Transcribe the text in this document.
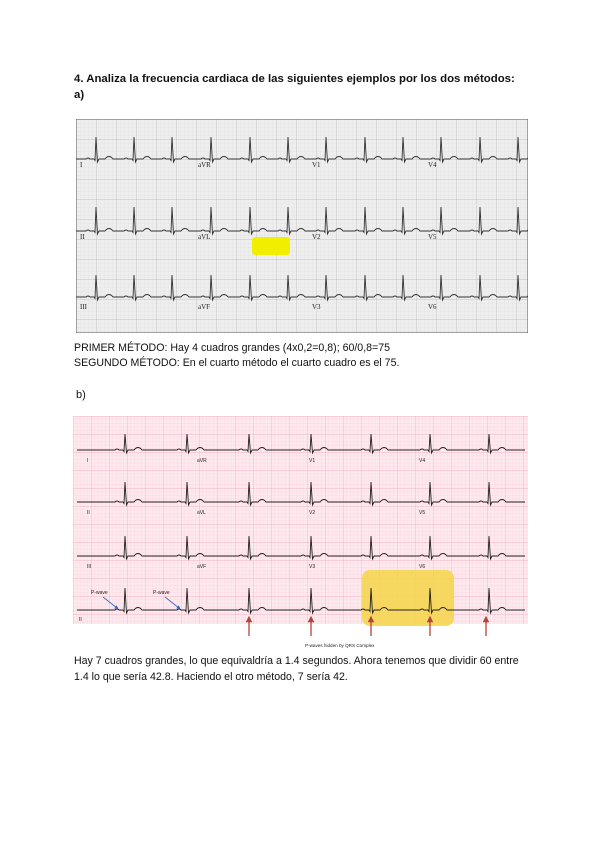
4. Analiza la frecuencia cardiaca de las siguientes ejemplos por los dos métodos:
a)
I	aVR	V1	V4
II	aVL	V2	V5
III	aVF	V3	V6
PRIMER MÉTODO: Hay 4 cuadros grandes (4x0,2=0,8); 60/0,8=75
SEGUNDO MÉTODO: En el cuarto método el cuarto cuadro es el 75.
b)
I	aVR	V1	V4
II	aVL	V2	V5
III	aVF	V3	V6
II
P-wave	P-wave
P-waves hidden by QRS Complex
Hay 7 cuadros grandes, lo que equivaldría a 1.4 segundos. Ahora tenemos que dividir 60 entre 1.4 lo que sería 42.8. Haciendo el otro método, 7 sería 42.
